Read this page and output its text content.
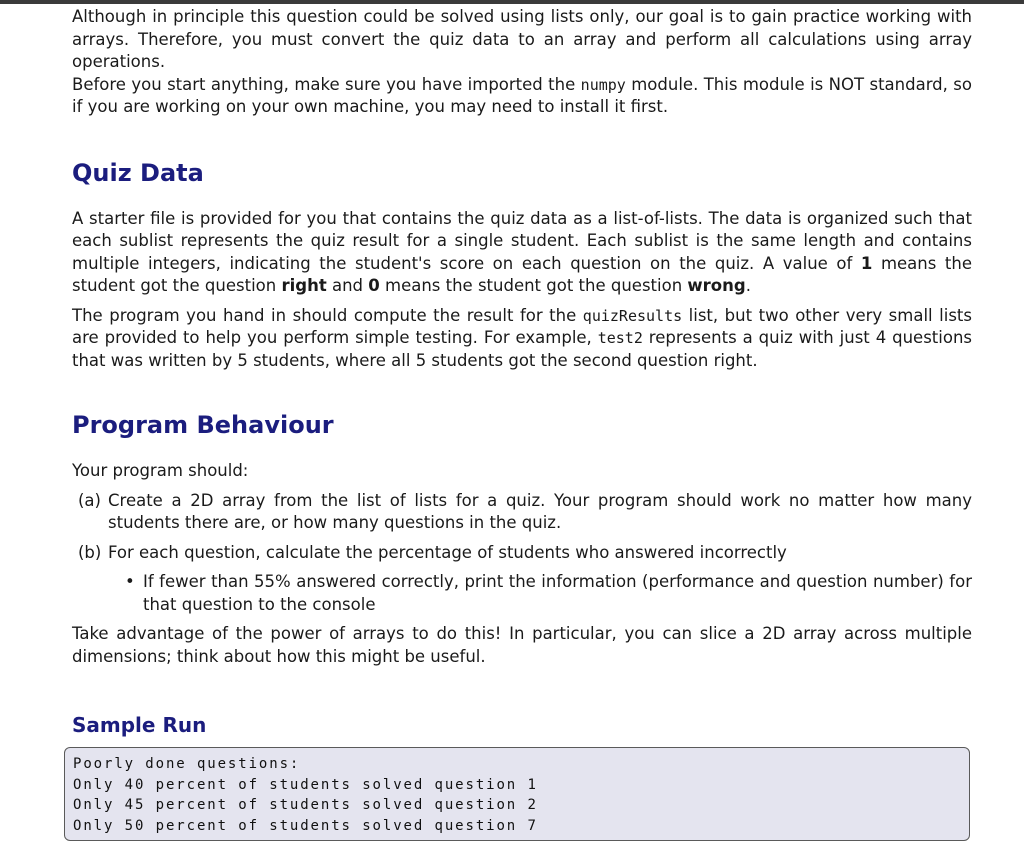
Although in principle this question could be solved using lists only, our goal is to gain practice working with arrays. Therefore, you must convert the quiz data to an array and perform all calculations using array operations.

Before you start anything, make sure you have imported the numpy module. This module is NOT standard, so if you are working on your own machine, you may need to install it first.

Quiz Data

A starter file is provided for you that contains the quiz data as a list-of-lists. The data is organized such that each sublist represents the quiz result for a single student. Each sublist is the same length and contains multiple integers, indicating the student's score on each question on the quiz. A value of 1 means the student got the question right and 0 means the student got the question wrong.

The program you hand in should compute the result for the quizResults list, but two other very small lists are provided to help you perform simple testing. For example, test2 represents a quiz with just 4 questions that was written by 5 students, where all 5 students got the second question right.

Program Behaviour

Your program should:

(a) Create a 2D array from the list of lists for a quiz. Your program should work no matter how many students there are, or how many questions in the quiz.
(b) For each question, calculate the percentage of students who answered incorrectly
• If fewer than 55% answered correctly, print the information (performance and question number) for that question to the console

Take advantage of the power of arrays to do this! In particular, you can slice a 2D array across multiple dimensions; think about how this might be useful.

Sample Run
Poorly done questions:
Only 40 percent of students solved question 1
Only 45 percent of students solved question 2
Only 50 percent of students solved question 7
